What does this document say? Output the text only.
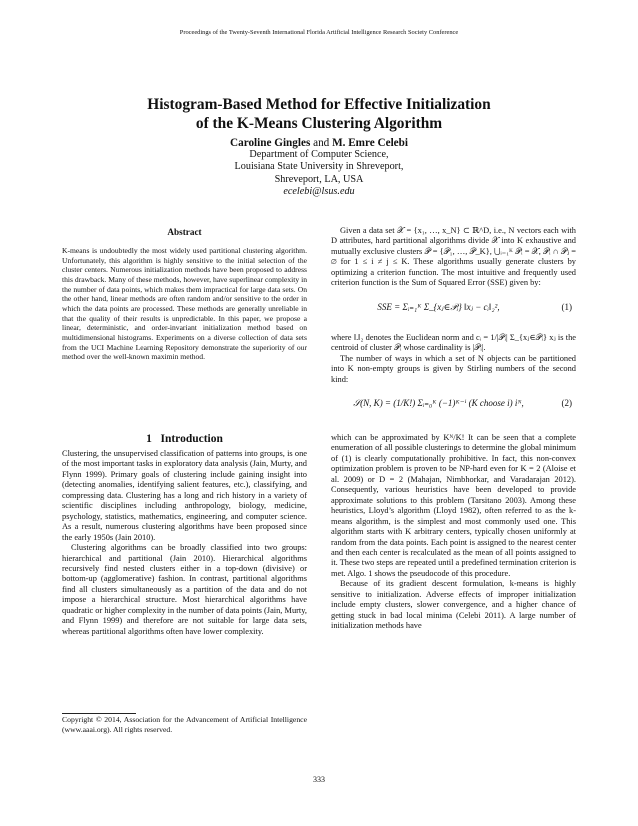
Proceedings of the Twenty-Seventh International Florida Artificial Intelligence Research Society Conference
Histogram-Based Method for Effective Initialization
of the K-Means Clustering Algorithm
Caroline Gingles and M. Emre Celebi
Department of Computer Science,
Louisiana State University in Shreveport,
Shreveport, LA, USA
ecelebi@lsus.edu
Abstract

K-means is undoubtedly the most widely used partitional clustering algorithm. Unfortunately, this algorithm is highly sensitive to the initial selection of the cluster centers. Numerous initialization methods have been proposed to address this drawback. Many of these methods, however, have superlinear complexity in the number of data points, which makes them impractical for large data sets. On the other hand, linear methods are often random and/or sensitive to the order in which the data points are processed. These methods are generally unreliable in that the quality of their results is unpredictable. In this paper, we propose a linear, deterministic, and order-invariant initialization method based on multidimensional histograms. Experiments on a diverse collection of data sets from the UCI Machine Learning Repository demonstrate the superiority of our method over the well-known maximin method.

1 Introduction

Clustering, the unsupervised classification of patterns into groups, is one of the most important tasks in exploratory data analysis (Jain, Murty, and Flynn 1999). Primary goals of clustering include gaining insight into (detecting anomalies, identifying salient features, etc.), classifying, and compressing data. Clustering has a long and rich history in a variety of scientific disciplines including anthropology, biology, medicine, psychology, statistics, mathematics, engineering, and computer science. As a result, numerous clustering algorithms have been proposed since the early 1950s (Jain 2010).

Clustering algorithms can be broadly classified into two groups: hierarchical and partitional (Jain 2010). Hierarchical algorithms recursively find nested clusters either in a top-down (divisive) or bottom-up (agglomerative) fashion. In contrast, partitional algorithms find all clusters simultaneously as a partition of the data and do not impose a hierarchical structure. Most hierarchical algorithms have quadratic or higher complexity in the number of data points (Jain, Murty, and Flynn 1999) and therefore are not suitable for large data sets, whereas partitional algorithms often have lower complexity.

Copyright © 2014, Association for the Advancement of Artificial Intelligence (www.aaai.org). All rights reserved.

Given a data set 𝒳 = {x₁, …, x_N} ⊂ ℝ^D, i.e., N vectors each with D attributes, hard partitional algorithms divide 𝒳 into K exhaustive and mutually exclusive clusters 𝒫 = {𝒫₁, …, 𝒫_K}, ⋃ᵢ₌₁ᴷ 𝒫ᵢ = 𝒳, 𝒫ᵢ ∩ 𝒫ⱼ = ∅ for 1 ≤ i ≠ j ≤ K. These algorithms usually generate clusters by optimizing a criterion function. The most intuitive and frequently used criterion function is the Sum of Squared Error (SSE) given by:

SSE = Σᵢ₌₁ᴷ Σ_{xⱼ∈𝒫ᵢ} ‖xⱼ − cᵢ‖₂²,	(1)

where ‖.‖₂ denotes the Euclidean norm and cᵢ = 1/|𝒫ᵢ| Σ_{xⱼ∈𝒫ᵢ} xⱼ is the centroid of cluster 𝒫ᵢ whose cardinality is |𝒫ᵢ|.

The number of ways in which a set of N objects can be partitioned into K non-empty groups is given by Stirling numbers of the second kind:

𝒮(N, K) = (1/K!) Σᵢ₌₀ᴷ (−1)ᴷ⁻ⁱ (K choose i) iᴺ,	(2)

which can be approximated by Kᴺ/K! It can be seen that a complete enumeration of all possible clusterings to determine the global minimum of (1) is clearly computationally prohibitive. In fact, this non-convex optimization problem is proven to be NP-hard even for K = 2 (Aloise et al. 2009) or D = 2 (Mahajan, Nimbhorkar, and Varadarajan 2012). Consequently, various heuristics have been developed to provide approximate solutions to this problem (Tarsitano 2003). Among these heuristics, Lloyd’s algorithm (Lloyd 1982), often referred to as the k-means algorithm, is the simplest and most commonly used one. This algorithm starts with K arbitrary centers, typically chosen uniformly at random from the data points. Each point is assigned to the nearest center and then each center is recalculated as the mean of all points assigned to it. These two steps are repeated until a predefined termination criterion is met. Algo. 1 shows the pseudocode of this procedure.

Because of its gradient descent formulation, k-means is highly sensitive to initialization. Adverse effects of improper initialization include empty clusters, slower convergence, and a higher chance of getting stuck in bad local minima (Celebi 2011). A large number of initialization methods have

333
